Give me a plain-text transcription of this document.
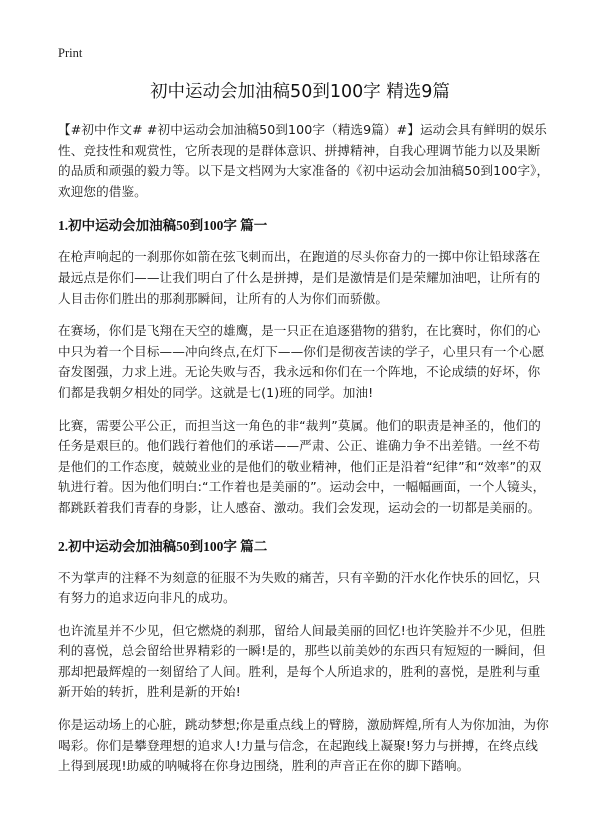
Print
初中运动会加油稿50到100字 精选9篇

【#初中作文# #初中运动会加油稿50到100字（精选9篇）#】运动会具有鲜明的娱乐性、竞技性和观赏性，它所表现的是群体意识、拼搏精神，自我心理调节能力以及果断的品质和顽强的毅力等。以下是文档网为大家准备的《初中运动会加油稿50到100字》，欢迎您的借鉴。

1.初中运动会加油稿50到100字 篇一

在枪声响起的一刹那你如箭在弦飞刺而出，在跑道的尽头你奋力的一掷中你让铅球落在最远点是你们——让我们明白了什么是拼搏，是们是激情是们是荣耀加油吧，让所有的人目击你们胜出的那刹那瞬间，让所有的人为你们而骄傲。

在赛场，你们是飞翔在天空的雄鹰，是一只正在追逐猎物的猎豹，在比赛时，你们的心中只为着一个目标——冲向终点,在灯下——你们是彻夜苦读的学子，心里只有一个心愿奋发图强，力求上进。无论失败与否，我永远和你们在一个阵地，不论成绩的好坏，你们都是我朝夕相处的同学。这就是七(1)班的同学。加油!

比赛，需要公平公正，而担当这一角色的非“裁判”莫属。他们的职责是神圣的，他们的任务是艰巨的。他们践行着他们的承诺——严肃、公正、谁确力争不出差错。一丝不苟是他们的工作态度，兢兢业业的是他们的敬业精神，他们正是沿着“纪律”和“效率”的双轨进行着。因为他们明白:“工作着也是美丽的”。运动会中，一幅幅画面，一个人镜头，都跳跃着我们青春的身影，让人感奋、激动。我们会发现，运动会的一切都是美丽的。

2.初中运动会加油稿50到100字 篇二

不为掌声的注释不为刻意的征服不为失败的痛苦，只有辛勤的汗水化作快乐的回忆，只有努力的追求迈向非凡的成功。

也许流星并不少见，但它燃烧的刹那，留给人间最美丽的回忆!也许笑脸并不少见，但胜利的喜悦，总会留给世界精彩的一瞬!是的，那些以前美妙的东西只有短短的一瞬间，但那却把最辉煌的一刻留给了人间。胜利，是每个人所追求的，胜利的喜悦，是胜利与重新开始的转折，胜利是新的开始!

你是运动场上的心脏，跳动梦想;你是重点线上的臂膀，激励辉煌,所有人为你加油，为你喝彩。你们是攀登理想的追求人!力量与信念，在起跑线上凝聚!努力与拼搏，在终点线上得到展现!助威的呐喊将在你身边围绕，胜利的声音正在你的脚下踏响。
